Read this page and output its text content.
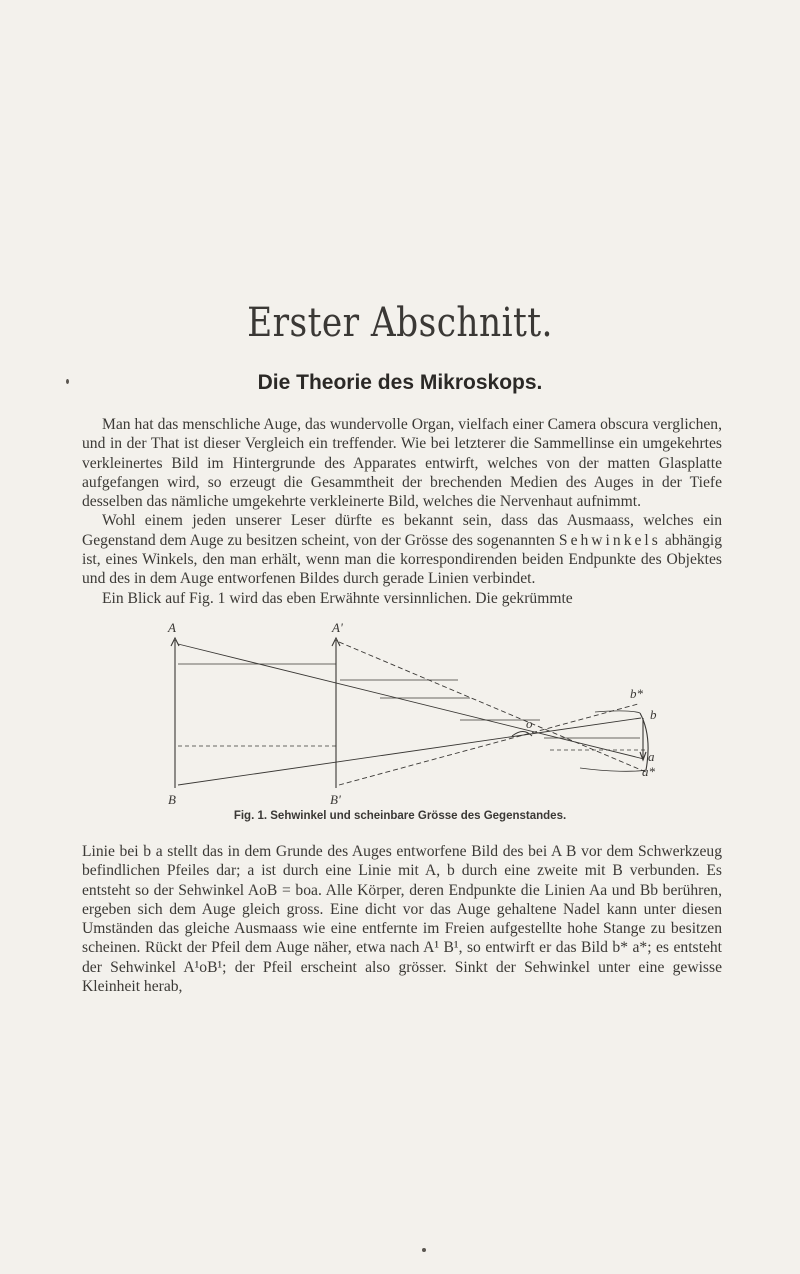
Erster Abschnitt.
Die Theorie des Mikroskops.

Man hat das menschliche Auge, das wundervolle Organ, vielfach einer Camera obscura verglichen, und in der That ist dieser Vergleich ein treffender. Wie bei letzterer die Sammellinse ein umgekehrtes verkleinertes Bild im Hintergrunde des Apparates entwirft, welches von der matten Glasplatte aufgefangen wird, so erzeugt die Gesammtheit der brechenden Medien des Auges in der Tiefe desselben das nämliche umgekehrte verkleinerte Bild, welches die Nervenhaut aufnimmt.

Wohl einem jeden unserer Leser dürfte es bekannt sein, dass das Ausmaass, welches ein Gegenstand dem Auge zu besitzen scheint, von der Grösse des sogenannten Sehwinkels abhängig ist, eines Winkels, den man erhält, wenn man die korrespondirenden beiden Endpunkte des Objektes und des in dem Auge entworfenen Bildes durch gerade Linien verbindet.

Ein Blick auf Fig. 1 wird das eben Erwähnte versinnlichen. Die gekrümmte

A	A'
B	B'
o
b*
b
a
a*
Fig. 1. Sehwinkel und scheinbare Grösse des Gegenstandes.

Linie bei b a stellt das in dem Grunde des Auges entworfene Bild des bei A B vor dem Schwerkzeug befindlichen Pfeiles dar; a ist durch eine Linie mit A, b durch eine zweite mit B verbunden. Es entsteht so der Sehwinkel AoB = boa. Alle Körper, deren Endpunkte die Linien Aa und Bb berühren, ergeben sich dem Auge gleich gross. Eine dicht vor das Auge gehaltene Nadel kann unter diesen Umständen das gleiche Ausmaass wie eine entfernte im Freien aufgestellte hohe Stange zu besitzen scheinen. Rückt der Pfeil dem Auge näher, etwa nach A¹ B¹, so entwirft er das Bild b* a*; es entsteht der Sehwinkel A¹oB¹; der Pfeil erscheint also grösser. Sinkt der Sehwinkel unter eine gewisse Kleinheit herab,
